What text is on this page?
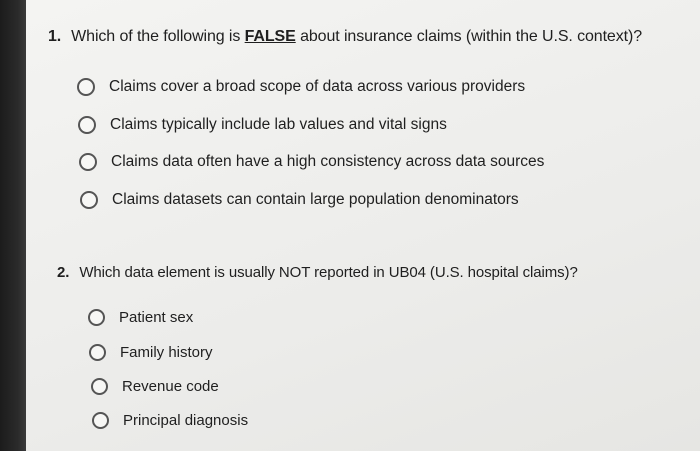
1. Which of the following is FALSE about insurance claims (within the U.S. context)?
Claims cover a broad scope of data across various providers
Claims typically include lab values and vital signs
Claims data often have a high consistency across data sources
Claims datasets can contain large population denominators
2. Which data element is usually NOT reported in UB04 (U.S. hospital claims)?
Patient sex
Family history
Revenue code
Principal diagnosis
